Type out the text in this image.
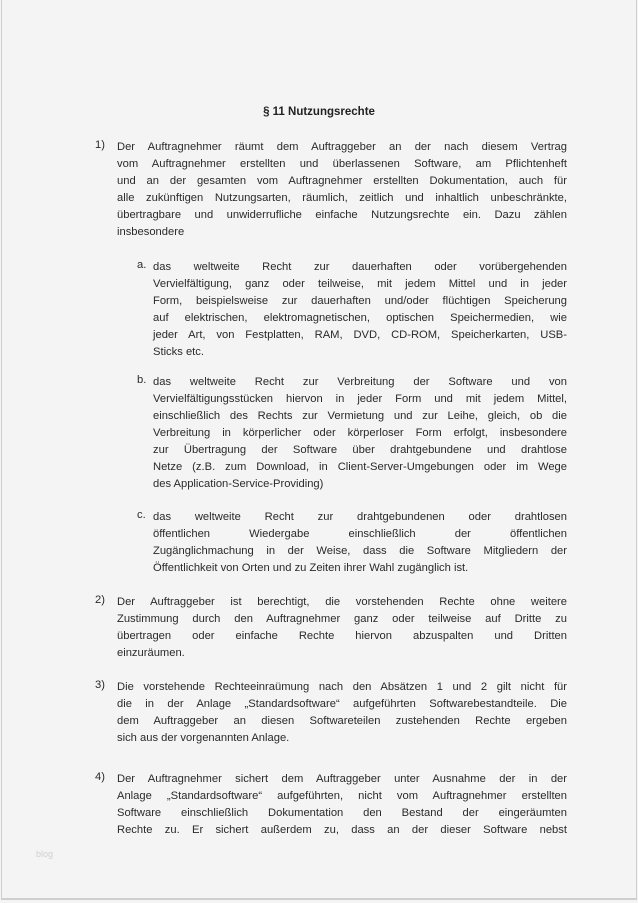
§ 11 Nutzungsrechte
1) Der Auftragnehmer räumt dem Auftraggeber an der nach diesem Vertrag
vom Auftragnehmer erstellten und überlassenen Software, am Pflichtenheft
und an der gesamten vom Auftragnehmer erstellten Dokumentation, auch für
alle zukünftigen Nutzungsarten, räumlich, zeitlich und inhaltlich unbeschränkte,
übertragbare und unwiderrufliche einfache Nutzungsrechte ein. Dazu zählen
insbesondere
2) Der Auftraggeber ist berechtigt, die vorstehenden Rechte ohne weitere
Zustimmung durch den Auftragnehmer ganz oder teilweise auf Dritte zu
übertragen oder einfache Rechte hiervon abzuspalten und Dritten
einzuräumen.
3) Die vorstehende Rechteeinraümung nach den Absätzen 1 und 2 gilt nicht für
die in der Anlage „Standardsoftware“ aufgeführten Softwarebestandteile. Die
dem Auftraggeber an diesen Softwareteilen zustehenden Rechte ergeben
sich aus der vorgenannten Anlage.
4) Der Auftragnehmer sichert dem Auftraggeber unter Ausnahme der in der
Anlage „Standardsoftware“ aufgeführten, nicht vom Auftragnehmer erstellten
Software einschließlich Dokumentation den Bestand der eingeräumten
Rechte zu. Er sichert außerdem zu, dass an der dieser Software nebst
a. das weltweite Recht zur dauerhaften oder vorübergehenden
Vervielfältigung, ganz oder teilweise, mit jedem Mittel und in jeder
Form, beispielsweise zur dauerhaften und/oder flüchtigen Speicherung
auf elektrischen, elektromagnetischen, optischen Speichermedien, wie
jeder Art, von Festplatten, RAM, DVD, CD-ROM, Speicherkarten, USB-
Sticks etc.
b. das weltweite Recht zur Verbreitung der Software und von
Vervielfältigungsstücken hiervon in jeder Form und mit jedem Mittel,
einschließlich des Rechts zur Vermietung und zur Leihe, gleich, ob die
Verbreitung in körperlicher oder körperloser Form erfolgt, insbesondere
zur Übertragung der Software über drahtgebundene und drahtlose
Netze (z.B. zum Download, in Client-Server-Umgebungen oder im Wege
des Application-Service-Providing)
c. das weltweite Recht zur drahtgebundenen oder drahtlosen
öffentlichen Wiedergabe einschließlich der öffentlichen
Zugänglichmachung in der Weise, dass die Software Mitgliedern der
Öffentlichkeit von Orten und zu Zeiten ihrer Wahl zugänglich ist.
blog
